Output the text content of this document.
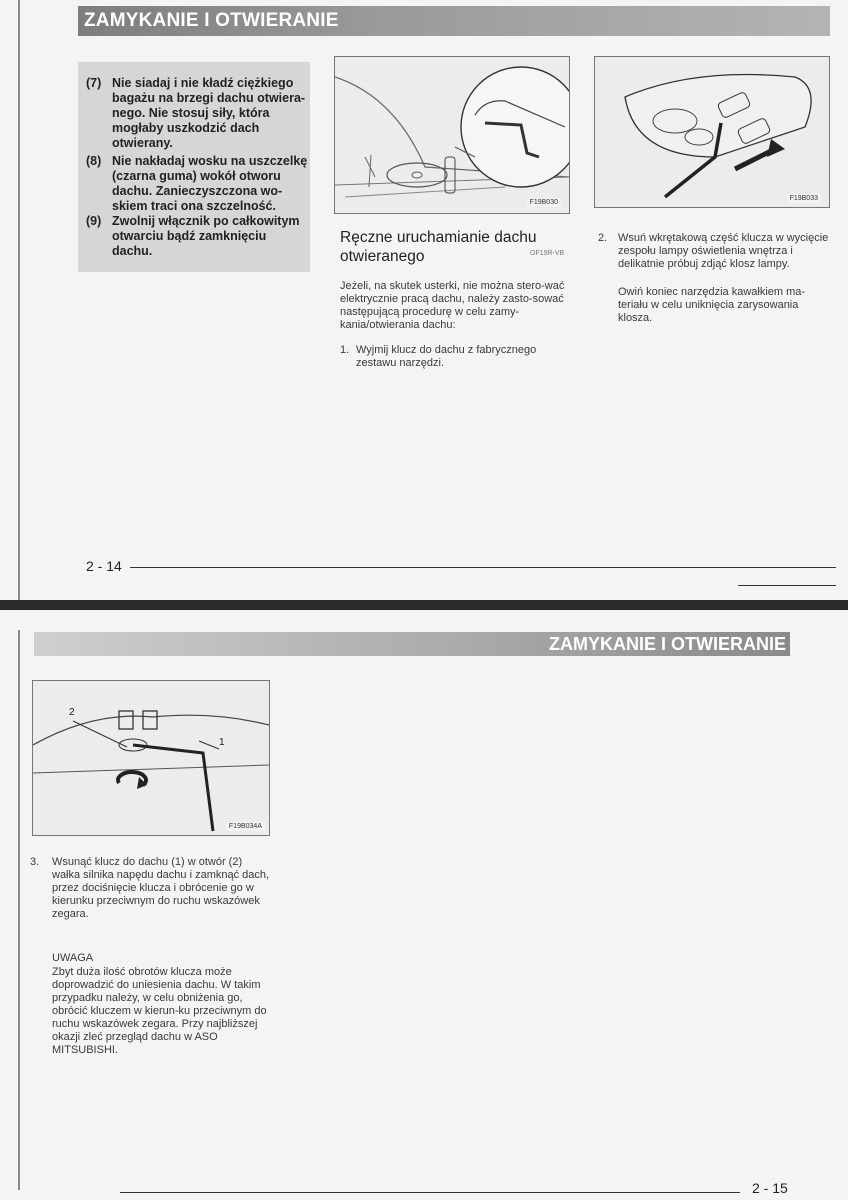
ZAMYKANIE I OTWIERANIE
(7) Nie siadaj i nie kładź ciężkiego bagażu na brzegi dachu otwiera-nego. Nie stosuj siły, która mogłaby uszkodzić dach otwierany.
(8) Nie nakładaj wosku na uszczelkę (czarna guma) wokół otworu dachu. Zanieczyszczona wo-skiem traci ona szczelność.
(9) Zwolnij włącznik po całkowitym otwarciu bądź zamknięciu dachu.
F19B030
F19B033
Ręczne uruchamianie dachu otwieranego	OF19R-VB
Jeżeli, na skutek usterki, nie można stero-wać elektrycznie pracą dachu, należy zasto-sować następującą procedurę w celu zamy-kania/otwierania dachu:
1. Wyjmij klucz do dachu z fabrycznego zestawu narzędzi.
2. Wsuń wkrętakową część klucza w wycięcie zespołu lampy oświetlenia wnętrza i delikatnie próbuj zdjąć klosz lampy.
Owiń koniec narzędzia kawałkiem ma-teriału w celu uniknięcia zarysowania klosza.
2 - 14
ZAMYKANIE I OTWIERANIE
2
1
F19B034A
3. Wsunąć klucz do dachu (1) w otwór (2) wałka silnika napędu dachu i zamknąć dach, przez dociśnięcie klucza i obrócenie go w kierunku przeciwnym do ruchu wskazówek zegara.
UWAGA
Zbyt duża ilość obrotów klucza może doprowadzić do uniesienia dachu. W takim przypadku należy, w celu obniżenia go, obrócić kluczem w kierun-ku przeciwnym do ruchu wskazówek zegara. Przy najbliższej okazji zleć przegląd dachu w ASO MITSUBISHI.
2 - 15
